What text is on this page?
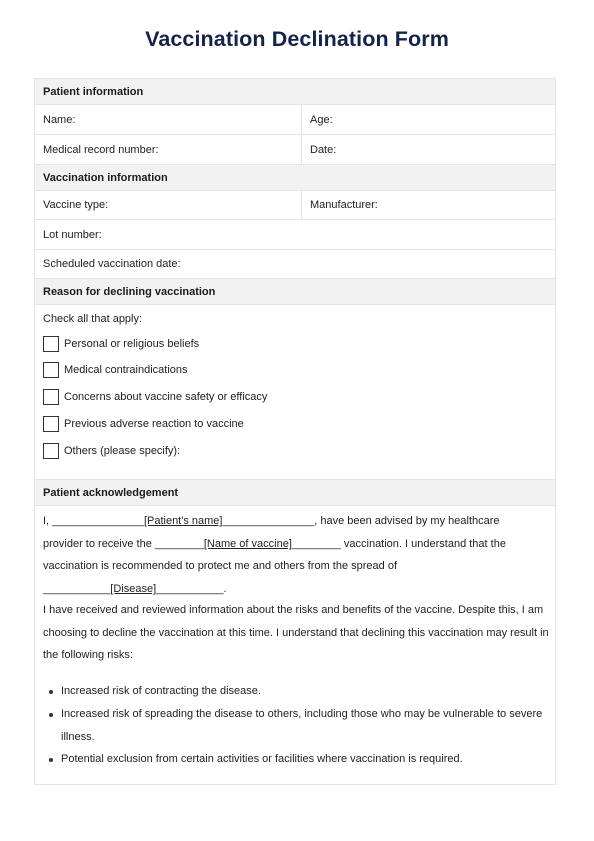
Vaccination Declination Form
Patient information
Name:	Age:
Medical record number:	Date:
Vaccination information
Vaccine type:	Manufacturer:
Lot number:
Scheduled vaccination date:
Reason for declining vaccination
Check all that apply:
Personal or religious beliefs
Medical contraindications
Concerns about vaccine safety or efficacy
Previous adverse reaction to vaccine
Others (please specify):
Patient acknowledgement
I, _______________[Patient's name]_______________, have been advised by my healthcare
provider to receive the ________[Name of vaccine]________ vaccination. I understand that the
vaccination is recommended to protect me and others from the spread of
___________[Disease]___________.
I have received and reviewed information about the risks and benefits of the vaccine. Despite this, I am choosing to decline the vaccination at this time. I understand that declining this vaccination may result in the following risks:
Increased risk of contracting the disease.
Increased risk of spreading the disease to others, including those who may be vulnerable to severe illness.
Potential exclusion from certain activities or facilities where vaccination is required.
